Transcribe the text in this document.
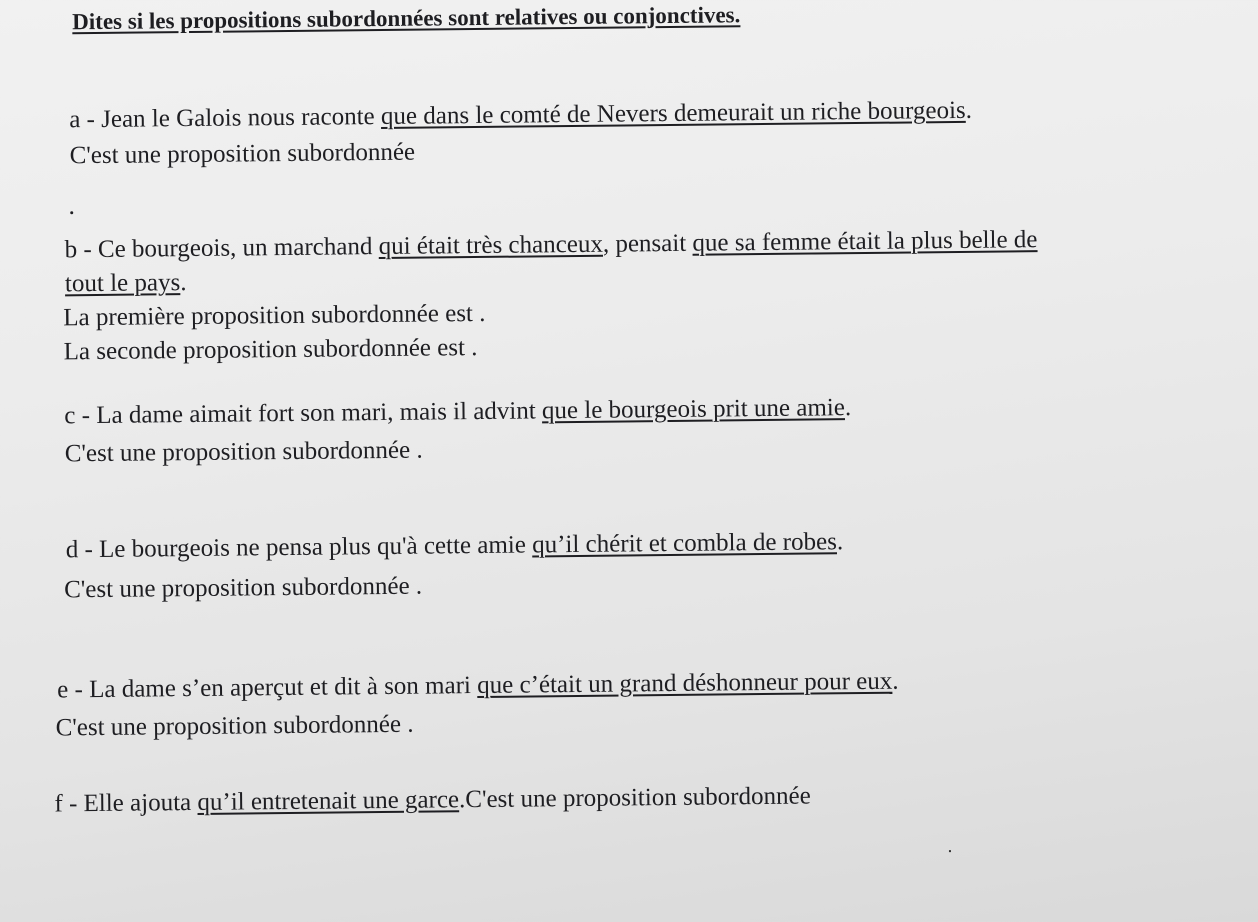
Dites si les propositions subordonnées sont relatives ou conjonctives.
a - Jean le Galois nous raconte que dans le comté de Nevers demeurait un riche bourgeois.
C'est une proposition subordonnée
b - Ce bourgeois, un marchand qui était très chanceux, pensait que sa femme était la plus belle de
tout le pays.
La première proposition subordonnée est .
La seconde proposition subordonnée est .
c - La dame aimait fort son mari, mais il advint que le bourgeois prit une amie.
C'est une proposition subordonnée .
d - Le bourgeois ne pensa plus qu'à cette amie qu’il chérit et combla de robes.
C'est une proposition subordonnée .
e - La dame s’en aperçut et dit à son mari que c’était un grand déshonneur pour eux.
C'est une proposition subordonnée .
f - Elle ajouta qu’il entretenait une garce.C'est une proposition subordonnée
